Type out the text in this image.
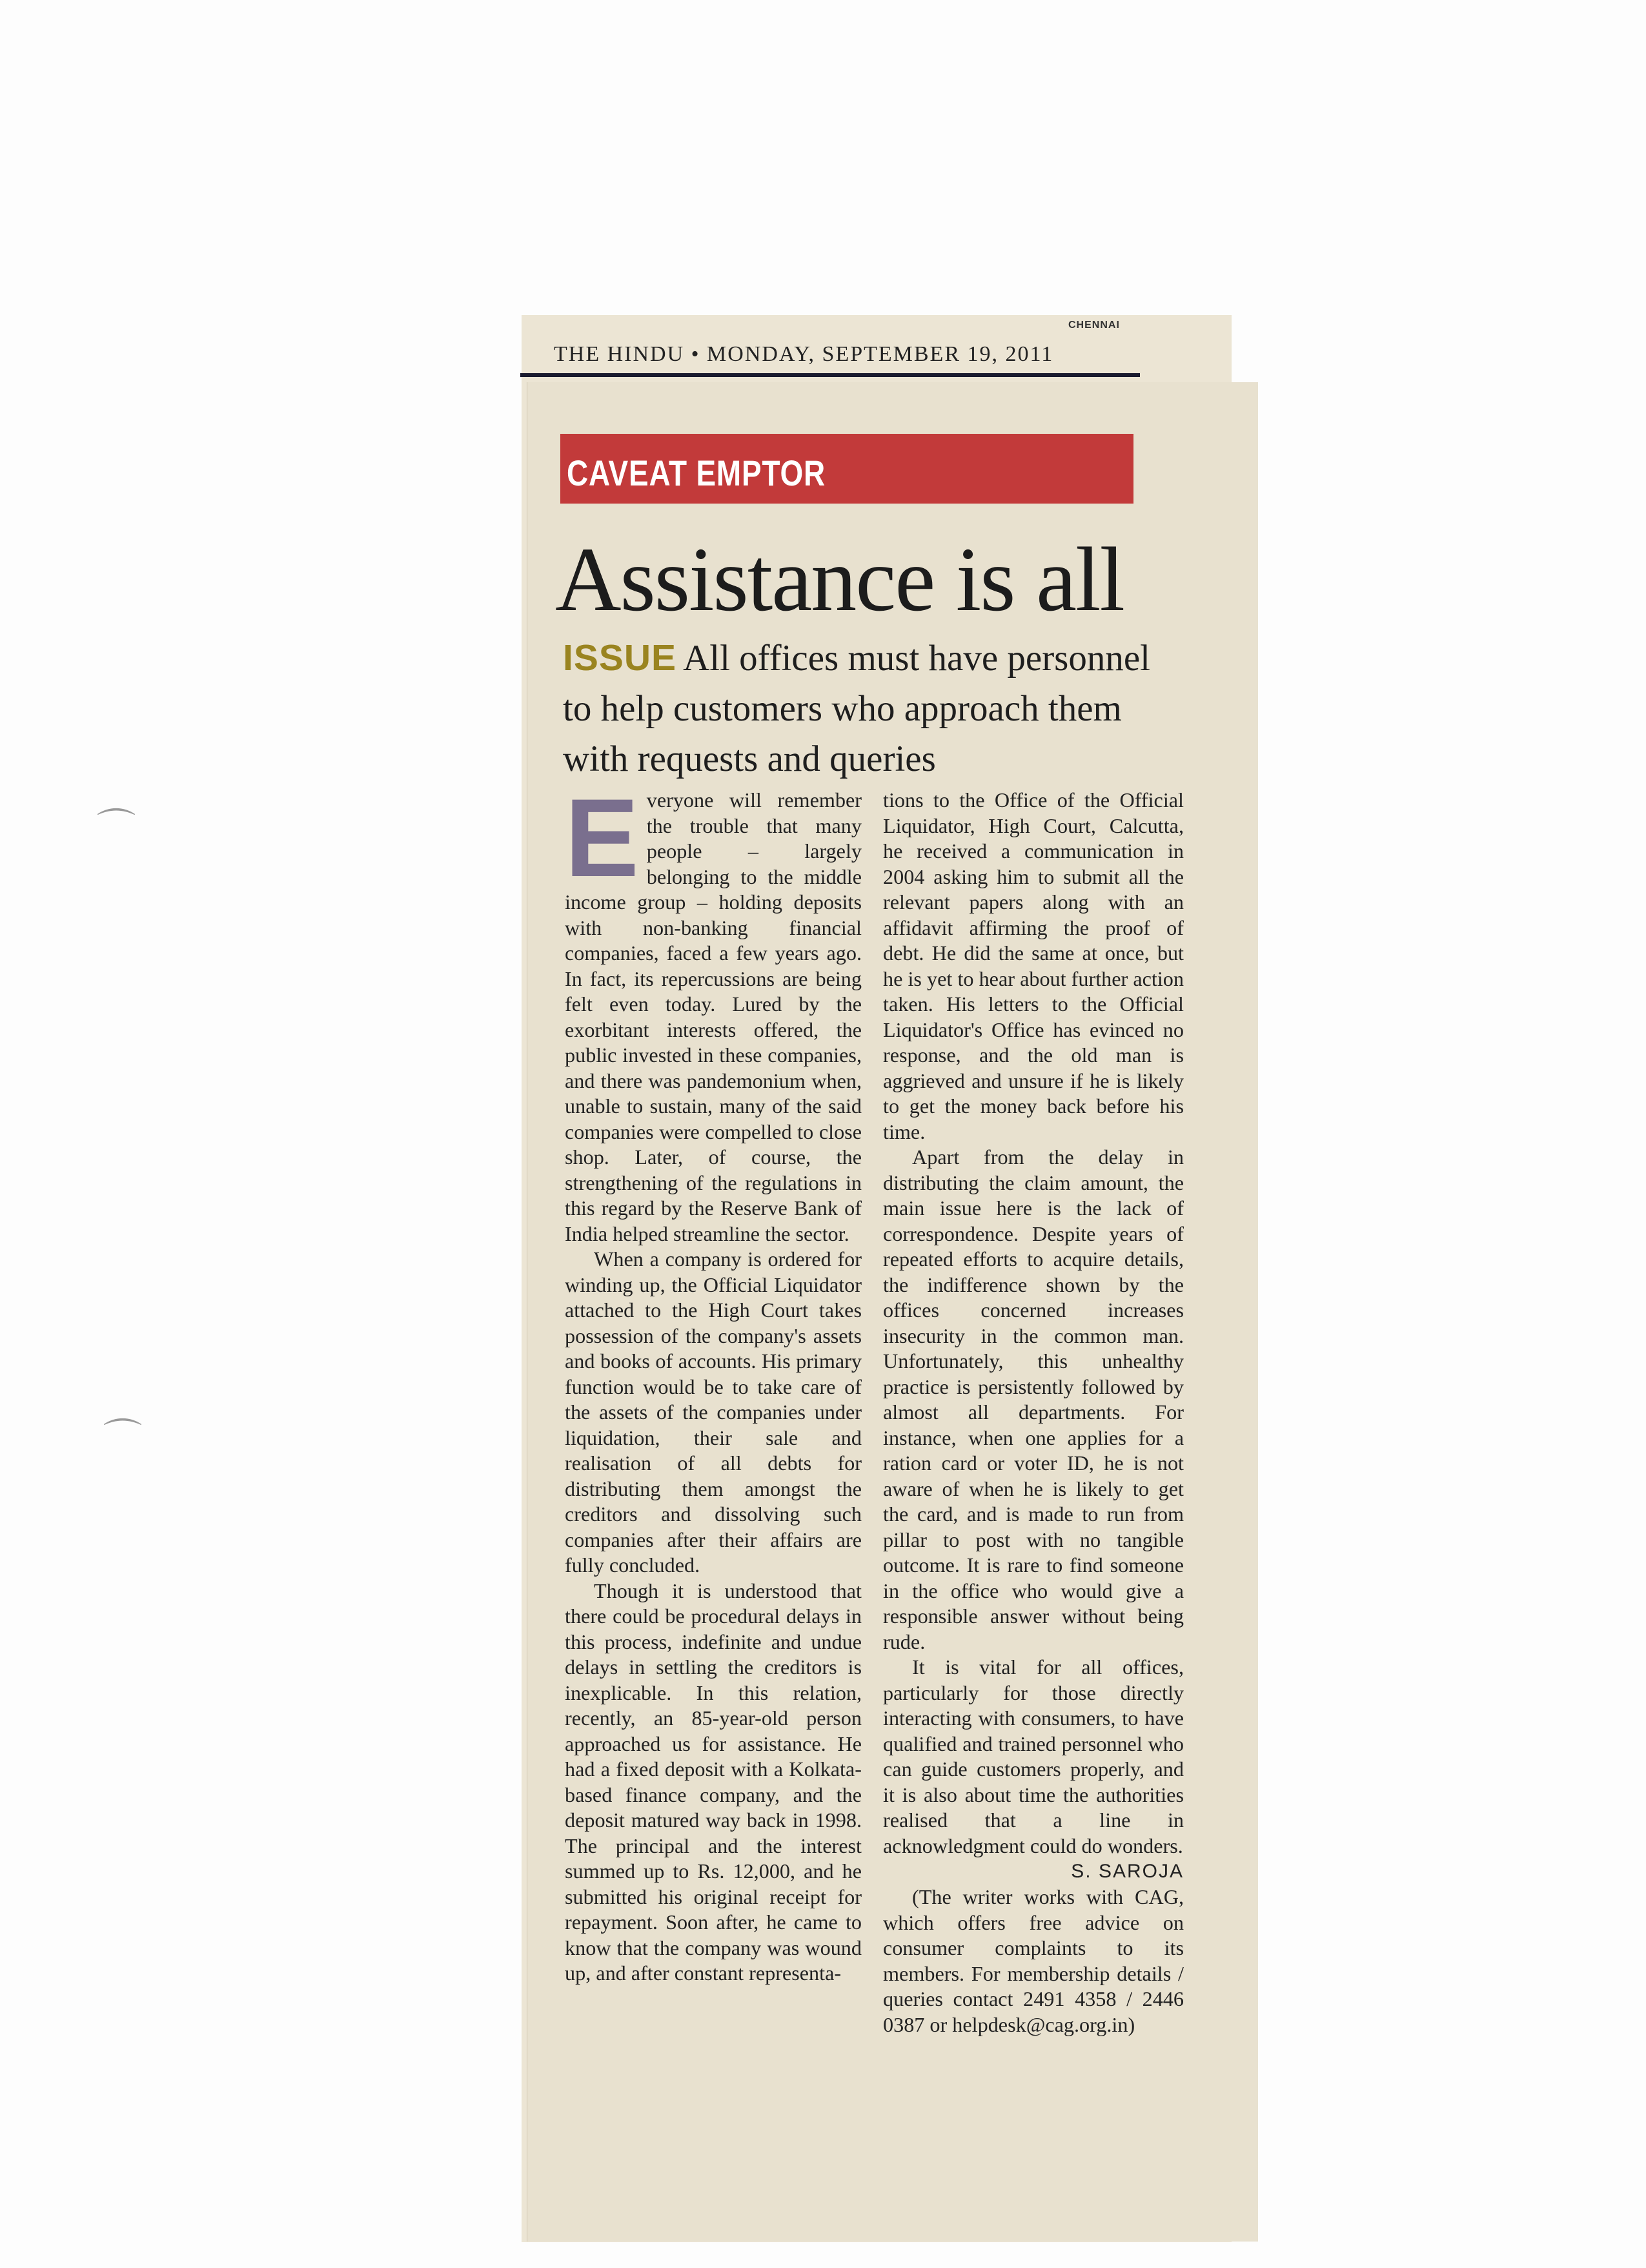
⌒
⌒
CHENNAI
THE HINDU • MONDAY, SEPTEMBER 19, 2011
CAVEAT EMPTOR
Assistance is all
ISSUE All offices must have personnel to help customers who approach them with requests and queries

Everyone will remember the trouble that many people – largely belonging to the middle income group – holding deposits with non-banking financial companies, faced a few years ago. In fact, its repercussions are being felt even today. Lured by the exorbitant interests offered, the public invested in these companies, and there was pandemonium when, unable to sustain, many of the said companies were compelled to close shop. Later, of course, the strengthening of the regulations in this regard by the Reserve Bank of India helped streamline the sector.

When a company is ordered for winding up, the Official Liquidator attached to the High Court takes possession of the company's assets and books of accounts. His primary function would be to take care of the assets of the companies under liquidation, their sale and realisation of all debts for distributing them amongst the creditors and dissolving such companies after their affairs are fully concluded.

Though it is understood that there could be procedural delays in this process, indefinite and undue delays in settling the creditors is inexplicable. In this relation, recently, an 85-year-old person approached us for assistance. He had a fixed deposit with a Kolkata-based finance company, and the deposit matured way back in 1998. The principal and the interest summed up to Rs. 12,000, and he submitted his original receipt for repayment. Soon after, he came to know that the company was wound up, and after constant representa-

tions to the Office of the Official Liquidator, High Court, Calcutta, he received a communication in 2004 asking him to submit all the relevant papers along with an affidavit affirming the proof of debt. He did the same at once, but he is yet to hear about further action taken. His letters to the Official Liquidator's Office has evinced no response, and the old man is aggrieved and unsure if he is likely to get the money back before his time.

Apart from the delay in distributing the claim amount, the main issue here is the lack of correspondence. Despite years of repeated efforts to acquire details, the indifference shown by the offices concerned increases insecurity in the common man. Unfortunately, this unhealthy practice is persistently followed by almost all departments. For instance, when one applies for a ration card or voter ID, he is not aware of when he is likely to get the card, and is made to run from pillar to post with no tangible outcome. It is rare to find someone in the office who would give a responsible answer without being rude.

It is vital for all offices, particularly for those directly interacting with consumers, to have qualified and trained personnel who can guide customers properly, and it is also about time the authorities realised that a line in acknowledgment could do wonders.

S. SAROJA

(The writer works with CAG, which offers free advice on consumer complaints to its members. For membership details / queries contact 2491 4358 / 2446 0387 or helpdesk@cag.org.in)
